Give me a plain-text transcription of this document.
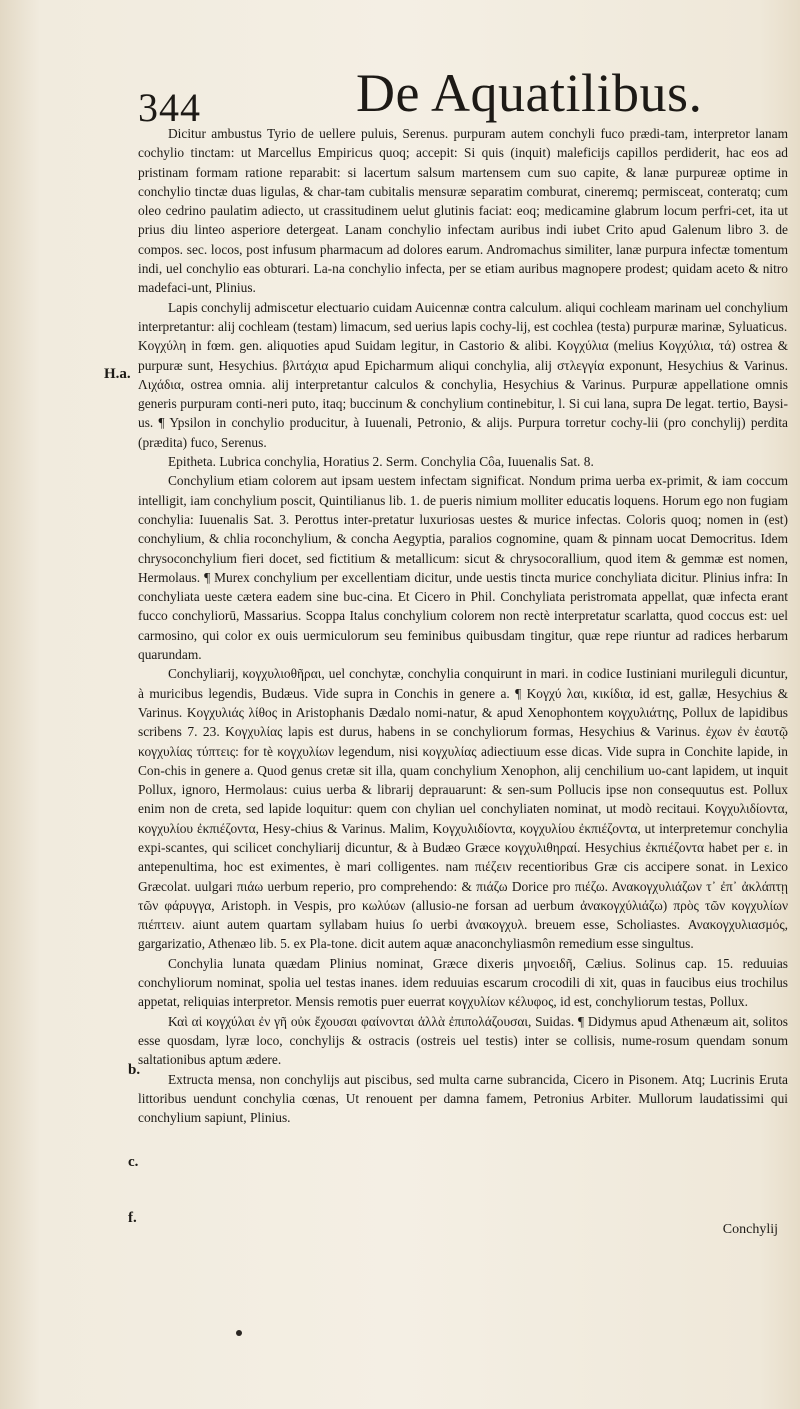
344	De Aquatilibus.
H.a.
b.
c.
f.

Dicitur ambustus Tyrio de uellere puluis, Serenus. purpuram autem conchyli fuco prædi-tam, interpretor lanam cochylio tinctam: ut Marcellus Empiricus quoq; accepit: Si quis (inquit) maleficijs capillos perdiderit, hac eos ad pristinam formam ratione reparabit: si lacertum salsum martensem cum suo capite, & lanæ purpureæ optime in conchylio tinctæ duas ligulas, & char-tam cubitalis mensuræ separatim comburat, cineremq; permisceat, conteratq; cum oleo cedrino paulatim adiecto, ut crassitudinem uelut glutinis faciat: eoq; medicamine glabrum locum perfri-cet, ita ut prius diu linteo asperiore detergeat. Lanam conchylio infectam auribus indi iubet Crito apud Galenum libro 3. de compos. sec. locos, post infusum pharmacum ad dolores earum. Andromachus similiter, lanæ purpura infectæ tomentum indi, uel conchylio eas obturari. La-na conchylio infecta, per se etiam auribus magnopere prodest; quidam aceto & nitro madefaci-unt, Plinius.

Lapis conchylij admiscetur electuario cuidam Auicennæ contra calculum. aliqui cochleam marinam uel conchylium interpretantur: alij cochleam (testam) limacum, sed uerius lapis cochy-lij, est cochlea (testa) purpuræ marinæ, Syluaticus.

Κογχύλη in fœm. gen. aliquoties apud Suidam legitur, in Castorio & alibi. Κογχύλια (melius Κογχύλια, τά) ostrea & purpuræ sunt, Hesychius. βλιτάχια apud Epicharmum aliqui conchylia, alij στλεγγία exponunt, Hesychius & Varinus. Λιχάδια, ostrea omnia. alij interpretantur calculos & conchylia, Hesychius & Varinus. Purpuræ appellatione omnis generis purpuram conti-neri puto, itaq; buccinum & conchylium continebitur, l. Si cui lana, supra De legat. tertio, Baysi-us. ¶ Ypsilon in conchylio producitur, à Iuuenali, Petronio, & alijs. Purpura torretur cochy-lii (pro conchylij) perdita (prædita) fuco, Serenus.

Epitheta. Lubrica conchylia, Horatius 2. Serm. Conchylia Côa, Iuuenalis Sat. 8.

Conchylium etiam colorem aut ipsam uestem infectam significat. Nondum prima uerba ex-primit, & iam coccum intelligit, iam conchylium poscit, Quintilianus lib. 1. de pueris nimium molliter educatis loquens. Horum ego non fugiam conchylia: Iuuenalis Sat. 3. Perottus inter-pretatur luxuriosas uestes & murice infectas. Coloris quoq; nomen in (est) conchylium, & chlia roconchylium, & concha Aegyptia, paralios cognomine, quam & pinnam uocat Democritus. Idem chrysoconchylium fieri docet, sed fictitium & metallicum: sicut & chrysocorallium, quod item & gemmæ est nomen, Hermolaus. ¶ Murex conchylium per excellentiam dicitur, unde uestis tincta murice conchyliata dicitur. Plinius infra: In conchyliata ueste cætera eadem sine buc-cina. Et Cicero in Phil. Conchyliata peristromata appellat, quæ infecta erant fucco conchyliorū, Massarius. Scoppa Italus conchylium colorem non rectè interpretatur scarlatta, quod coccus est: uel carmosino, qui color ex ouis uermiculorum seu feminibus quibusdam tingitur, quæ repe riuntur ad radices herbarum quarundam.

Conchyliarij, κογχυλιοθῆραι, uel conchytæ, conchylia conquirunt in mari. in codice Iustiniani murileguli dicuntur, à muricibus legendis, Budæus. Vide supra in Conchis in genere a. ¶ Κογχύ λαι, κικίδια, id est, gallæ, Hesychius & Varinus. Κογχυλιάς λίθος in Aristophanis Dædalo nomi-natur, & apud Xenophontem κογχυλιάτης, Pollux de lapidibus scribens 7. 23. Κογχυλίας lapis est durus, habens in se conchyliorum formas, Hesychius & Varinus. ἐχων ἐν ἑαυτῷ κογχυλίας τύπτεις: for tè κογχυλίων legendum, nisi κογχυλίας adiectiuum esse dicas. Vide supra in Conchite lapide, in Con-chis in genere a. Quod genus cretæ sit illa, quam conchylium Xenophon, alij cenchilium uo-cant lapidem, ut inquit Pollux, ignoro, Hermolaus: cuius uerba & librarij deprauarunt: & sen-sum Pollucis ipse non consequutus est. Pollux enim non de creta, sed lapide loquitur: quem con chylian uel conchyliaten nominat, ut modò recitaui. Κογχυλιδίοντα, κογχυλίου ἐκπιέζοντα, Hesy-chius & Varinus. Malim, Κογχυλιδίοντα, κογχυλίου ἐκπιέζοντα, ut interpretemur conchylia expi-scantes, qui scilicet conchyliarij dicuntur, & à Budæo Græce κογχυλιθηραί. Hesychius ἐκπιέζοντα habet per ε. in antepenultima, hoc est eximentes, è mari colligentes. nam πιέζειν recentioribus Græ cis accipere sonat. in Lexico Græcolat. uulgari πιάω uerbum reperio, pro comprehendo: & πιάζω Dorice pro πιέζω. Ανακογχυλιάζων τ᾿ ἐπ᾿ ἀκλάπτῃ τῶν φάρυγγα, Aristoph. in Vespis, pro κωλύων (allusio-ne forsan ad uerbum ἀνακογχύλιάζω) πρὸς τῶν κογχυλίων πιέπτειν. aiunt autem quartam syllabam huius ſo uerbi ἀνακογχυλ. breuem esse, Scholiastes. Ανακογχυλιασμός, gargarizatio, Athenæo lib. 5. ex Pla-tone. dicit autem aquæ anaconchyliasmôn remedium esse singultus.

Conchylia lunata quædam Plinius nominat, Græce dixeris μηνοειδῆ, Cælius. Solinus cap. 15. reduuias conchyliorum nominat, spolia uel testas inanes. idem reduuias escarum crocodili di xit, quas in faucibus eius trochilus appetat, reliquias interpretor. Mensis remotis puer euerrat κογχυλίων κέλυφος, id est, conchyliorum testas, Pollux.

Καὶ αἱ κογχύλαι ἐν γῆ οὐκ ἔχουσαι φαίνονται ἀλλὰ ἐπιπολάζουσαι, Suidas. ¶ Didymus apud Athenæum ait, solitos esse quosdam, lyræ loco, conchylijs & ostracis (ostreis uel testis) inter se collisis, nume-rosum quendam sonum saltationibus aptum ædere.

Extructa mensa, non conchylijs aut piscibus, sed multa carne subrancida, Cicero in Pisonem. Atq; Lucrinis Eruta littoribus uendunt conchylia cœnas, Ut renouent per damna famem, Petronius Arbiter. Mullorum laudatissimi qui conchylium sapiunt, Plinius.

Conchylij
